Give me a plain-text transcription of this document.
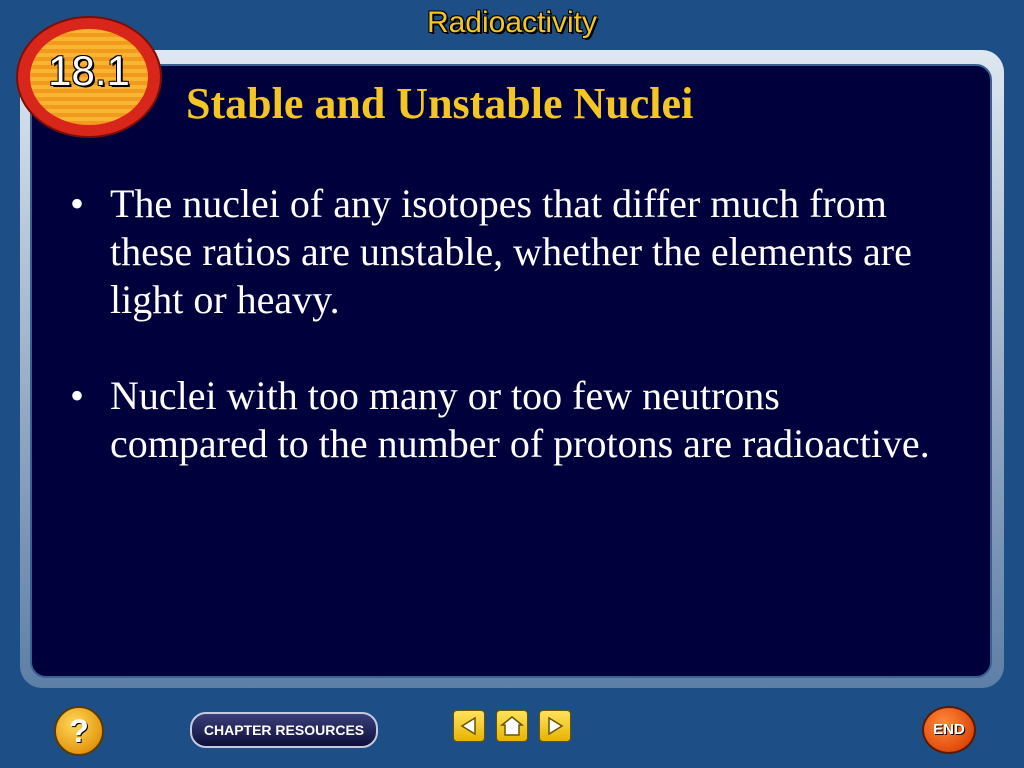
Radioactivity
18.1
Stable and Unstable Nuclei
• The nuclei of any isotopes that differ much from these ratios are unstable, whether the elements are light or heavy.
• Nuclei with too many or too few neutrons compared to the number of protons are radioactive.
?	CHAPTER RESOURCES	END
